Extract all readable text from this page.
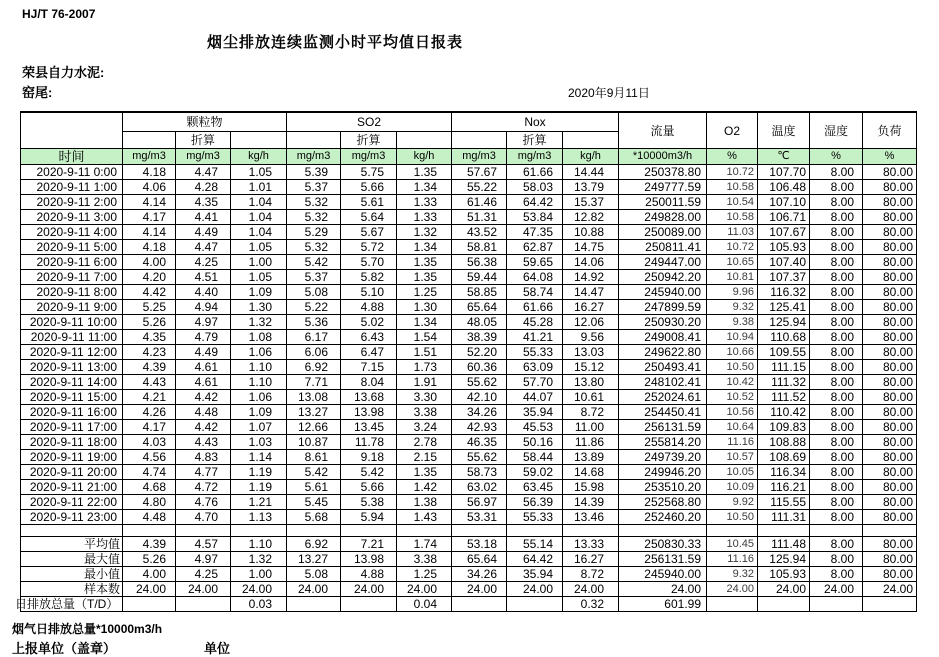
HJ/T 76-2007
烟尘排放连续监测小时平均值日报表
荣县自力水泥:
窑尾:	2020年9月11日
	颗粒物			SO2			Nox			流量	O2	温度	湿度	负荷
		折算			折算			折算						
时间	mg/m3	mg/m3	kg/h	mg/m3	mg/m3	kg/h	mg/m3	mg/m3	kg/h	*10000m3/h	%	℃	%	%
2020-9-11 0:00	4.18	4.47	1.05	5.39	5.75	1.35	57.67	61.66	14.44	250378.80	10.72	107.70	8.00	80.00
2020-9-11 1:00	4.06	4.28	1.01	5.37	5.66	1.34	55.22	58.03	13.79	249777.59	10.58	106.48	8.00	80.00
2020-9-11 2:00	4.14	4.35	1.04	5.32	5.61	1.33	61.46	64.42	15.37	250011.59	10.54	107.10	8.00	80.00
2020-9-11 3:00	4.17	4.41	1.04	5.32	5.64	1.33	51.31	53.84	12.82	249828.00	10.58	106.71	8.00	80.00
2020-9-11 4:00	4.14	4.49	1.04	5.29	5.67	1.32	43.52	47.35	10.88	250089.00	11.03	107.67	8.00	80.00
2020-9-11 5:00	4.18	4.47	1.05	5.32	5.72	1.34	58.81	62.87	14.75	250811.41	10.72	105.93	8.00	80.00
2020-9-11 6:00	4.00	4.25	1.00	5.42	5.70	1.35	56.38	59.65	14.06	249447.00	10.65	107.40	8.00	80.00
2020-9-11 7:00	4.20	4.51	1.05	5.37	5.82	1.35	59.44	64.08	14.92	250942.20	10.81	107.37	8.00	80.00
2020-9-11 8:00	4.42	4.40	1.09	5.08	5.10	1.25	58.85	58.74	14.47	245940.00	9.96	116.32	8.00	80.00
2020-9-11 9:00	5.25	4.94	1.30	5.22	4.88	1.30	65.64	61.66	16.27	247899.59	9.32	125.41	8.00	80.00
2020-9-11 10:00	5.26	4.97	1.32	5.36	5.02	1.34	48.05	45.28	12.06	250930.20	9.38	125.94	8.00	80.00
2020-9-11 11:00	4.35	4.79	1.08	6.17	6.43	1.54	38.39	41.21	9.56	249008.41	10.94	110.68	8.00	80.00
2020-9-11 12:00	4.23	4.49	1.06	6.06	6.47	1.51	52.20	55.33	13.03	249622.80	10.66	109.55	8.00	80.00
2020-9-11 13:00	4.39	4.61	1.10	6.92	7.15	1.73	60.36	63.09	15.12	250493.41	10.50	111.15	8.00	80.00
2020-9-11 14:00	4.43	4.61	1.10	7.71	8.04	1.91	55.62	57.70	13.80	248102.41	10.42	111.32	8.00	80.00
2020-9-11 15:00	4.21	4.42	1.06	13.08	13.68	3.30	42.10	44.07	10.61	252024.61	10.52	111.52	8.00	80.00
2020-9-11 16:00	4.26	4.48	1.09	13.27	13.98	3.38	34.26	35.94	8.72	254450.41	10.56	110.42	8.00	80.00
2020-9-11 17:00	4.17	4.42	1.07	12.66	13.45	3.24	42.93	45.53	11.00	256131.59	10.64	109.83	8.00	80.00
2020-9-11 18:00	4.03	4.43	1.03	10.87	11.78	2.78	46.35	50.16	11.86	255814.20	11.16	108.88	8.00	80.00
2020-9-11 19:00	4.56	4.83	1.14	8.61	9.18	2.15	55.62	58.44	13.89	249739.20	10.57	108.69	8.00	80.00
2020-9-11 20:00	4.74	4.77	1.19	5.42	5.42	1.35	58.73	59.02	14.68	249946.20	10.05	116.34	8.00	80.00
2020-9-11 21:00	4.68	4.72	1.19	5.61	5.66	1.42	63.02	63.45	15.98	253510.20	10.09	116.21	8.00	80.00
2020-9-11 22:00	4.80	4.76	1.21	5.45	5.38	1.38	56.97	56.39	14.39	252568.80	9.92	115.55	8.00	80.00
2020-9-11 23:00	4.48	4.70	1.13	5.68	5.94	1.43	53.31	55.33	13.46	252460.20	10.50	111.31	8.00	80.00

平均值	4.39	4.57	1.10	6.92	7.21	1.74	53.18	55.14	13.33	250830.33	10.45	111.48	8.00	80.00
最大值	5.26	4.97	1.32	13.27	13.98	3.38	65.64	64.42	16.27	256131.59	11.16	125.94	8.00	80.00
最小值	4.00	4.25	1.00	5.08	4.88	1.25	34.26	35.94	8.72	245940.00	9.32	105.93	8.00	80.00
样本数	24.00	24.00	24.00	24.00	24.00	24.00	24.00	24.00	24.00	24.00	24.00	24.00	24.00	24.00
日排放总量（T/D）			0.03			0.04			0.32	601.99				
烟气日排放总量*10000m3/h
上报单位（盖章）	单位
